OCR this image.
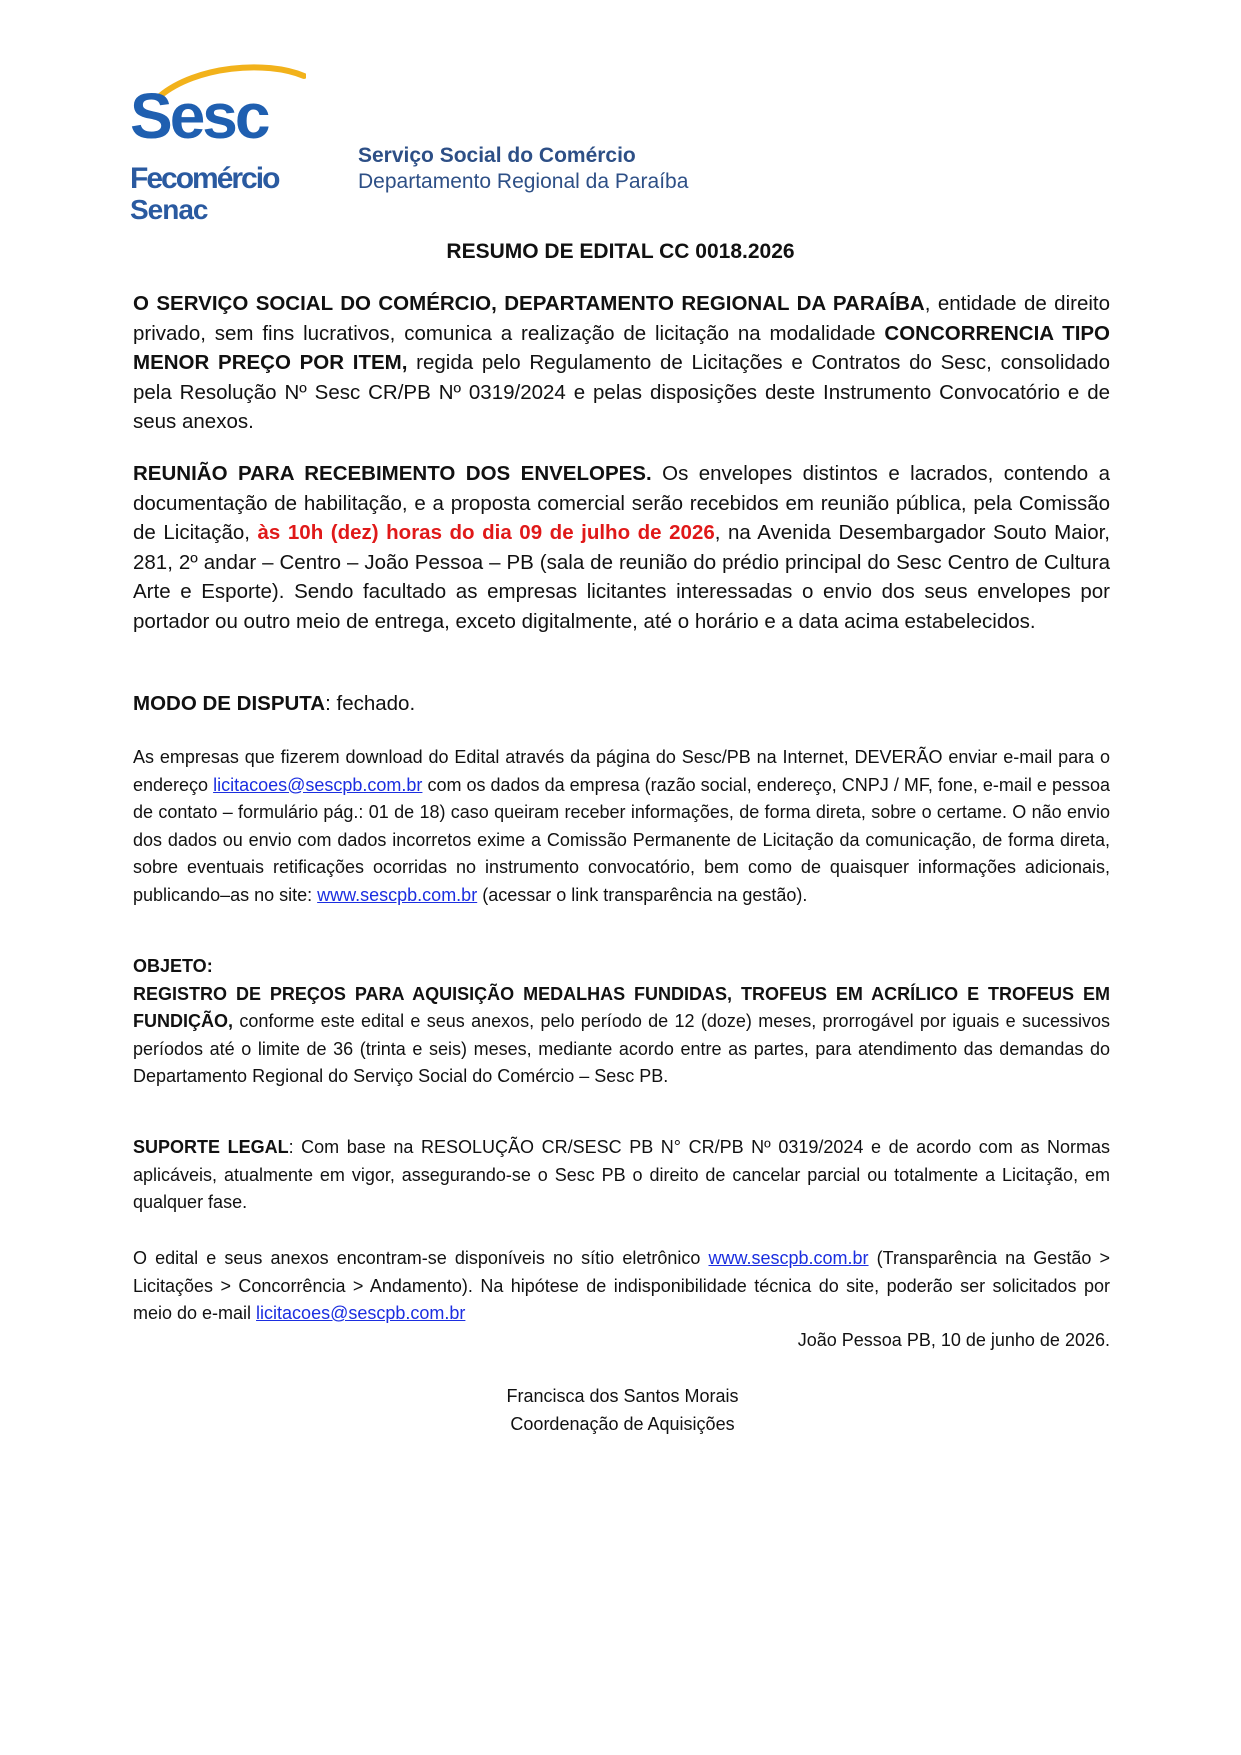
Sesc
Fecomércio
Senac
Serviço Social do Comércio
Departamento Regional da Paraíba
RESUMO DE EDITAL CC 0018.2026

O SERVIÇO SOCIAL DO COMÉRCIO, DEPARTAMENTO REGIONAL DA PARAÍBA, entidade de direito privado, sem fins lucrativos, comunica a realização de licitação na modalidade CONCORRENCIA TIPO MENOR PREÇO POR ITEM, regida pelo Regulamento de Licitações e Contratos do Sesc, consolidado pela Resolução Nº Sesc CR/PB Nº 0319/2024 e pelas disposições deste Instrumento Convocatório e de seus anexos.

REUNIÃO PARA RECEBIMENTO DOS ENVELOPES. Os envelopes distintos e lacrados, contendo a documentação de habilitação, e a proposta comercial serão recebidos em reunião pública, pela Comissão de Licitação, às 10h (dez) horas do dia 09 de julho de 2026, na Avenida Desembargador Souto Maior, 281, 2º andar – Centro – João Pessoa – PB (sala de reunião do prédio principal do Sesc Centro de Cultura Arte e Esporte). Sendo facultado as empresas licitantes interessadas o envio dos seus envelopes por portador ou outro meio de entrega, exceto digitalmente, até o horário e a data acima estabelecidos.

MODO DE DISPUTA: fechado.

As empresas que fizerem download do Edital através da página do Sesc/PB na Internet, DEVERÃO enviar e-mail para o endereço licitacoes@sescpb.com.br com os dados da empresa (razão social, endereço, CNPJ / MF, fone, e-mail e pessoa de contato – formulário pág.: 01 de 18) caso queiram receber informações, de forma direta, sobre o certame. O não envio dos dados ou envio com dados incorretos exime a Comissão Permanente de Licitação da comunicação, de forma direta, sobre eventuais retificações ocorridas no instrumento convocatório, bem como de quaisquer informações adicionais, publicando–as no site: www.sescpb.com.br (acessar o link transparência na gestão).

OBJETO:
REGISTRO DE PREÇOS PARA AQUISIÇÃO MEDALHAS FUNDIDAS, TROFEUS EM ACRÍLICO E TROFEUS EM FUNDIÇÃO, conforme este edital e seus anexos, pelo período de 12 (doze) meses, prorrogável por iguais e sucessivos períodos até o limite de 36 (trinta e seis) meses, mediante acordo entre as partes, para atendimento das demandas do Departamento Regional do Serviço Social do Comércio – Sesc PB.

SUPORTE LEGAL: Com base na RESOLUÇÃO CR/SESC PB N° CR/PB Nº 0319/2024 e de acordo com as Normas aplicáveis, atualmente em vigor, assegurando-se o Sesc PB o direito de cancelar parcial ou totalmente a Licitação, em qualquer fase.

O edital e seus anexos encontram-se disponíveis no sítio eletrônico www.sescpb.com.br (Transparência na Gestão > Licitações > Concorrência > Andamento). Na hipótese de indisponibilidade técnica do site, poderão ser solicitados por meio do e-mail licitacoes@sescpb.com.br

João Pessoa PB, 10 de junho de 2026.
Francisca dos Santos Morais
Coordenação de Aquisições
